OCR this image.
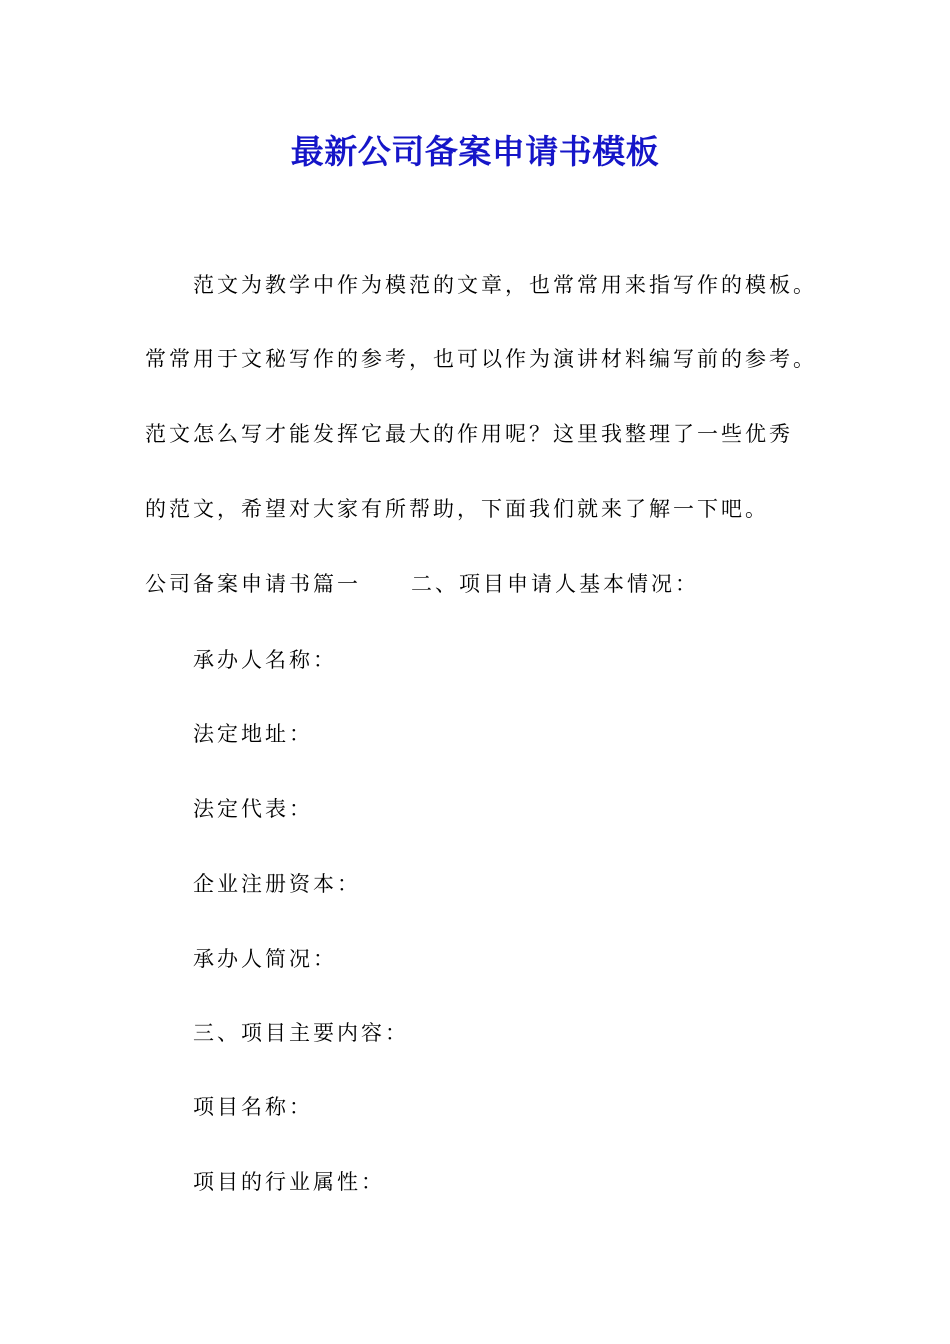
最新公司备案申请书模板
范文为教学中作为模范的文章，也常常用来指写作的模板。
常常用于文秘写作的参考，也可以作为演讲材料编写前的参考。
范文怎么写才能发挥它最大的作用呢？这里我整理了一些优秀
的范文，希望对大家有所帮助，下面我们就来了解一下吧。
公司备案申请书篇一 二、项目申请人基本情况：
承办人名称：
法定地址：
法定代表：
企业注册资本：
承办人简况：
三、项目主要内容：
项目名称：
项目的行业属性：
